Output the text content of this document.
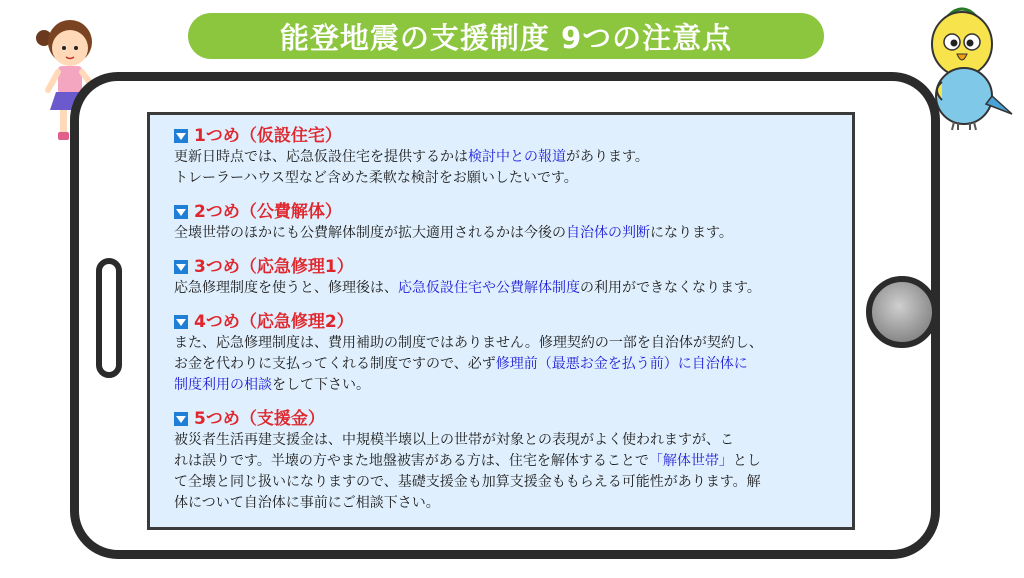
能登地震の支援制度 9つの注意点
1つめ（仮設住宅）
更新日時点では、応急仮設住宅を提供するかは検討中との報道があります。
トレーラーハウス型など含めた柔軟な検討をお願いしたいです。
2つめ（公費解体）
全壊世帯のほかにも公費解体制度が拡大適用されるかは今後の自治体の判断になります。
3つめ（応急修理1）
応急修理制度を使うと、修理後は、応急仮設住宅や公費解体制度の利用ができなくなります。
4つめ（応急修理2）
また、応急修理制度は、費用補助の制度ではありません。修理契約の一部を自治体が契約し、
お金を代わりに支払ってくれる制度ですので、必ず修理前（最悪お金を払う前）に自治体に
制度利用の相談をして下さい。
5つめ（支援金）
被災者生活再建支援金は、中規模半壊以上の世帯が対象との表現がよく使われますが、こ
れは誤りです。半壊の方やまた地盤被害がある方は、住宅を解体することで「解体世帯」とし
て全壊と同じ扱いになりますので、基礎支援金も加算支援金ももらえる可能性があります。解
体について自治体に事前にご相談下さい。
